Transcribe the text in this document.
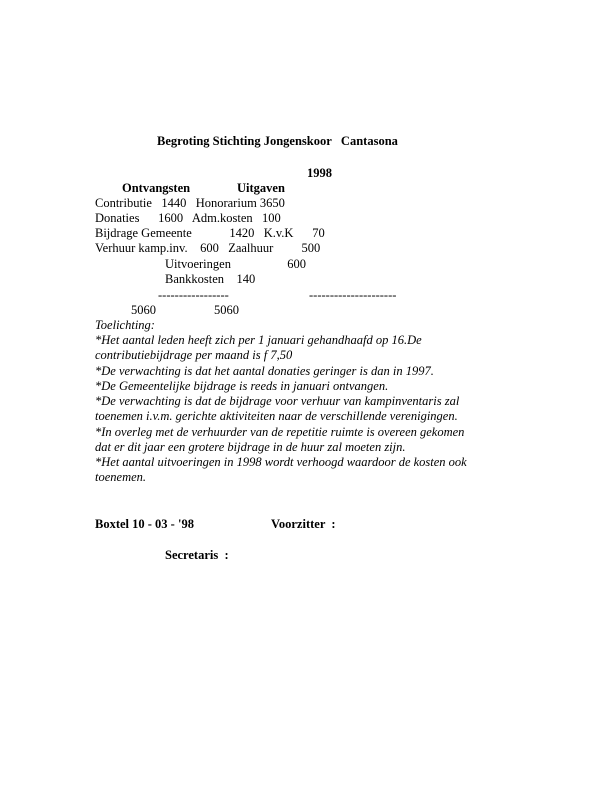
Begroting Stichting Jongenskoor   Cantasona
1998
Ontvangsten	Uitgaven
Contributie   1440   Honorarium 3650
Donaties      1600   Adm.kosten   100
Bijdrage Gemeente            1420   K.v.K      70
Verhuur kamp.inv.    600   Zaalhuur         500
Uitvoeringen                  600
Bankkosten    140
-----------------	---------------------
5060	5060
Toelichting:
*Het aantal leden heeft zich per 1 januari gehandhaafd op 16.De
contributiebijdrage per maand is f 7,50
*De verwachting is dat het aantal donaties geringer is dan in 1997.
*De Gemeentelijke bijdrage is reeds in januari ontvangen.
*De verwachting is dat de bijdrage voor verhuur van kampinventaris zal
toenemen i.v.m. gerichte aktiviteiten naar de verschillende verenigingen.
*In overleg met de verhuurder van de repetitie ruimte is overeen gekomen
dat er dit jaar een grotere bijdrage in de huur zal moeten zijn.
*Het aantal uitvoeringen in 1998 wordt verhoogd waardoor de kosten ook
toenemen.
Boxtel 10 - 03 - '98	Voorzitter  :
Secretaris  :
